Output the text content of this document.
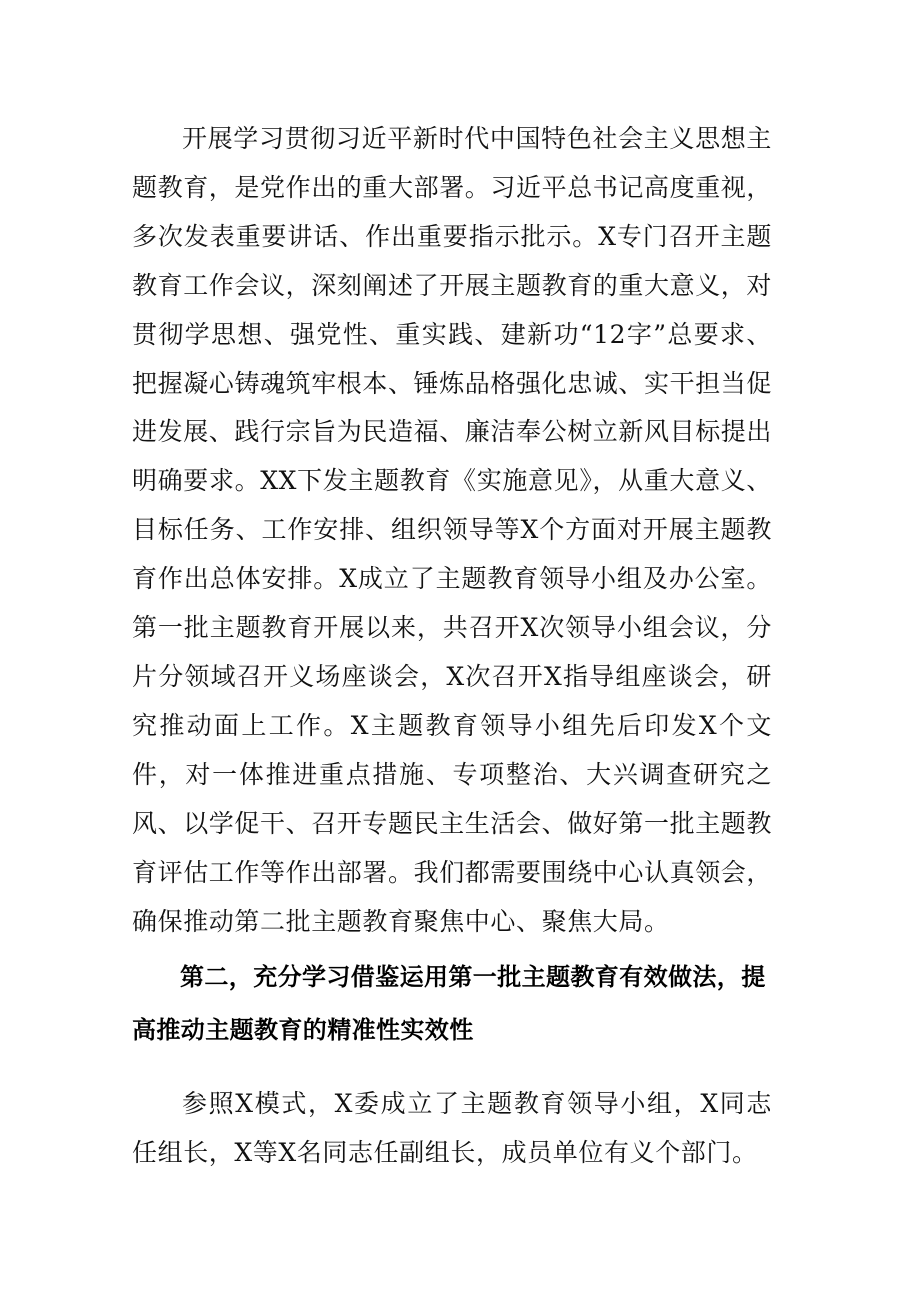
开展学习贯彻习近平新时代中国特色社会主义思想主题教育，是党作出的重大部署。习近平总书记高度重视，多次发表重要讲话、作出重要指示批示。X专门召开主题教育工作会议，深刻阐述了开展主题教育的重大意义，对贯彻学思想、强党性、重实践、建新功“12字”总要求、把握凝心铸魂筑牢根本、锤炼品格强化忠诚、实干担当促进发展、践行宗旨为民造福、廉洁奉公树立新风目标提出明确要求。XX下发主题教育《实施意见》，从重大意义、目标任务、工作安排、组织领导等X个方面对开展主题教育作出总体安排。X成立了主题教育领导小组及办公室。第一批主题教育开展以来，共召开X次领导小组会议，分片分领域召开义场座谈会，X次召开X指导组座谈会，研究推动面上工作。X主题教育领导小组先后印发X个文件，对一体推进重点措施、专项整治、大兴调查研究之风、以学促干、召开专题民主生活会、做好第一批主题教育评估工作等作出部署。我们都需要围绕中心认真领会，确保推动第二批主题教育聚焦中心、聚焦大局。

第二，充分学习借鉴运用第一批主题教育有效做法，提高推动主题教育的精准性实效性

参照X模式，X委成立了主题教育领导小组，X同志任组长，X等X名同志任副组长，成员单位有义个部门。
